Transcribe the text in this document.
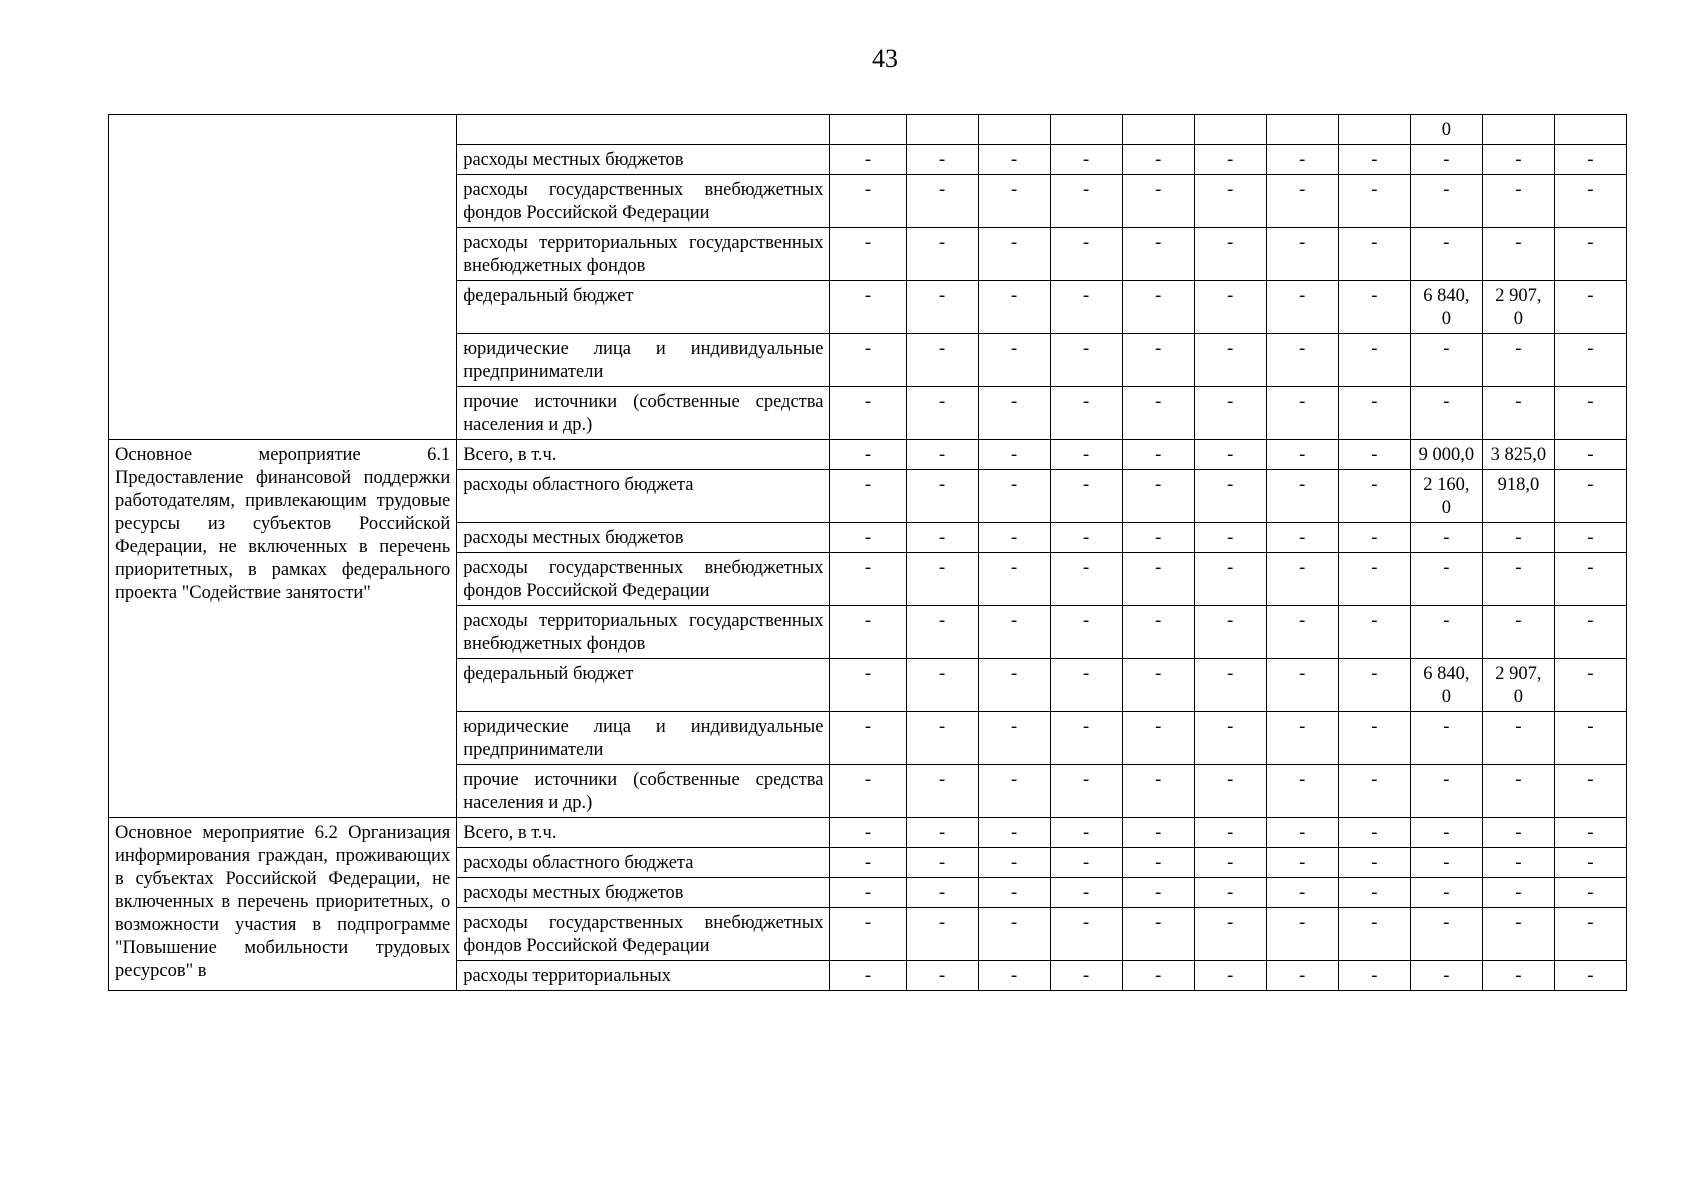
43
										0		
	расходы местных бюджетов	-	-	-	-	-	-	-	-	-	-	-
	расходы государственных внебюджетных фондов Российской Федерации	-	-	-	-	-	-	-	-	-	-	-
	расходы территориальных государственных внебюджетных фондов	-	-	-	-	-	-	-	-	-	-	-
	федеральный бюджет	-	-	-	-	-	-	-	-	6 840, 0	2 907, 0	-
	юридические лица и индивидуальные предприниматели	-	-	-	-	-	-	-	-	-	-	-
	прочие источники (собственные средства населения и др.)	-	-	-	-	-	-	-	-	-	-	-
Основное мероприятие 6.1 Предоставление финансовой поддержки работодателям, привлекающим трудовые ресурсы из субъектов Российской Федерации, не включенных в перечень приоритетных, в рамках федерального проекта "Содействие занятости"	Всего, в т.ч.	-	-	-	-	-	-	-	-	9 000,0	3 825,0	-
	расходы областного бюджета	-	-	-	-	-	-	-	-	2 160, 0	918,0	-
	расходы местных бюджетов	-	-	-	-	-	-	-	-	-	-	-
	расходы государственных внебюджетных фондов Российской Федерации	-	-	-	-	-	-	-	-	-	-	-
	расходы территориальных государственных внебюджетных фондов	-	-	-	-	-	-	-	-	-	-	-
	федеральный бюджет	-	-	-	-	-	-	-	-	6 840, 0	2 907, 0	-
	юридические лица и индивидуальные предприниматели	-	-	-	-	-	-	-	-	-	-	-
	прочие источники (собственные средства населения и др.)	-	-	-	-	-	-	-	-	-	-	-
Основное мероприятие 6.2 Организация информирования граждан, проживающих в субъектах Российской Федерации, не включенных в перечень приоритетных, о возможности участия в подпрограмме "Повышение мобильности трудовых ресурсов" в	Всего, в т.ч.	-	-	-	-	-	-	-	-	-	-	-
	расходы областного бюджета	-	-	-	-	-	-	-	-	-	-	-
	расходы местных бюджетов	-	-	-	-	-	-	-	-	-	-	-
	расходы государственных внебюджетных фондов Российской Федерации	-	-	-	-	-	-	-	-	-	-	-
	расходы территориальных	-	-	-	-	-	-	-	-	-	-	-
